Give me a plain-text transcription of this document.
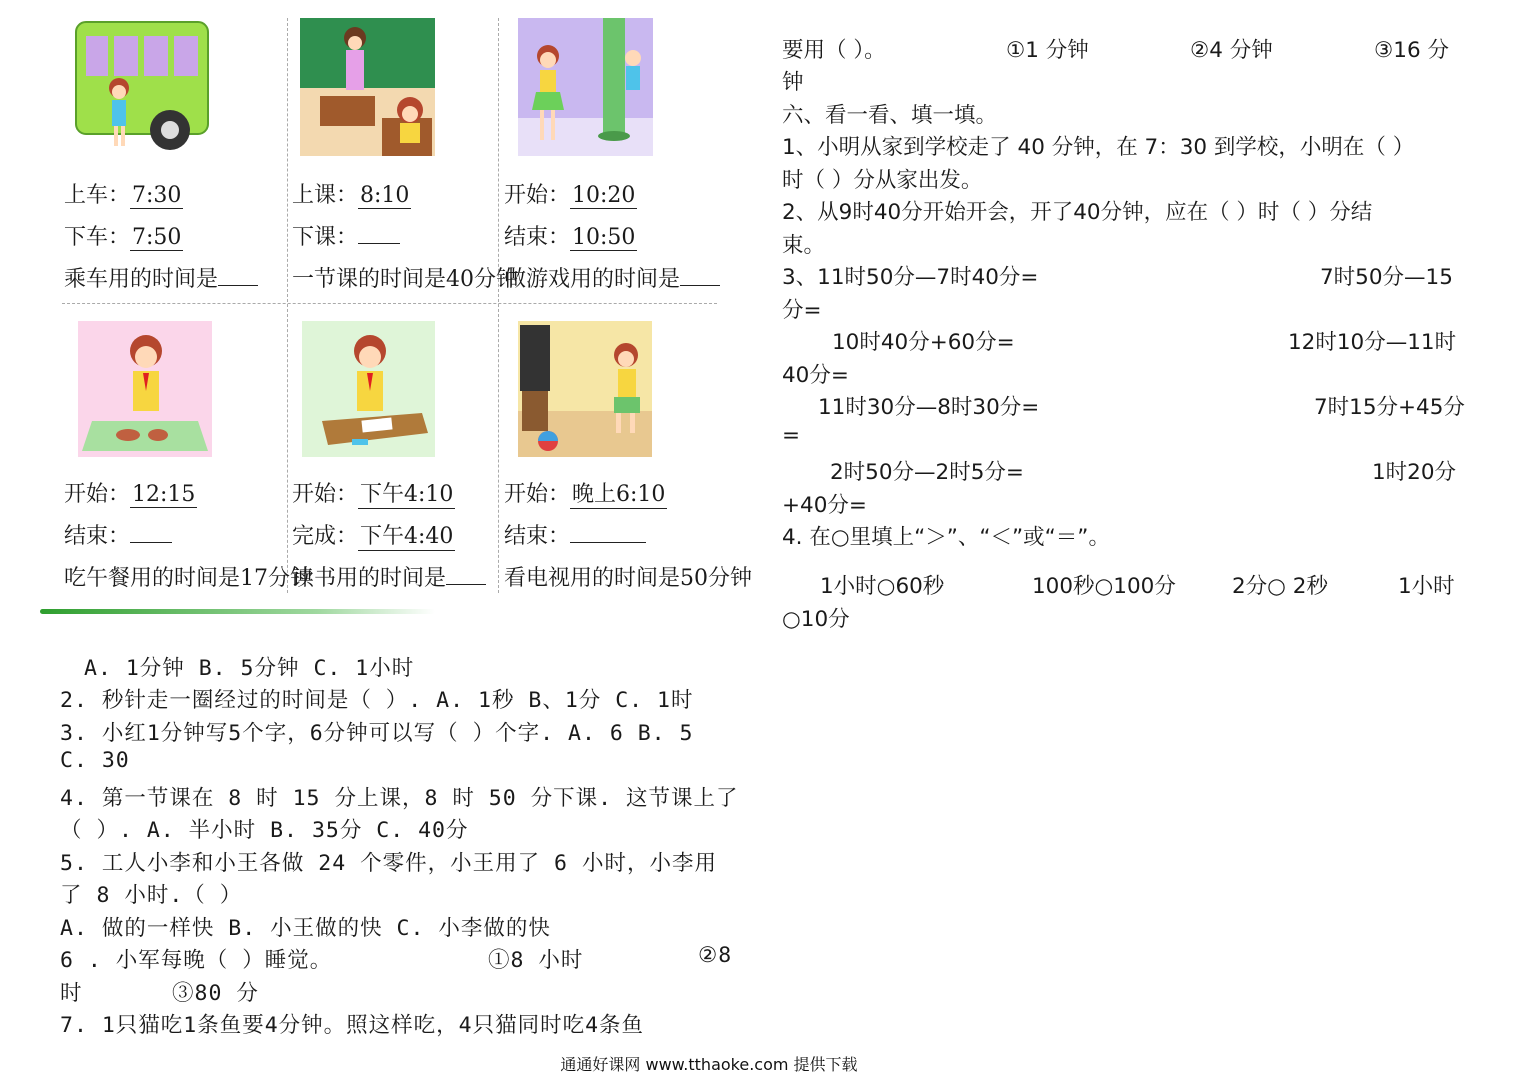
上车：7:30
下车：7:50
乘车用的时间是
上课：8:10
下课：
一节课的时间是40分钟
开始：10:20
结束：10:50
做游戏用的时间是
开始：12:15
结束：
吃午餐用的时间是17分钟
开始：下午4:10
完成：下午4:40
读书用的时间是
开始：晚上6:10
结束：
看电视用的时间是50分钟
A. 1分钟 B. 5分钟 C. 1小时
2. 秒针走一圈经过的时间是（ ）. A. 1秒 B、1分 C. 1时
3. 小红1分钟写5个字，6分钟可以写（ ）个字. A. 6 B. 5
C. 30
4. 第一节课在 8 时 15 分上课，8 时 50 分下课. 这节课上了
（ ）. A. 半小时 B. 35分 C. 40分
5. 工人小李和小王各做 24 个零件，小王用了 6 小时，小李用
了 8 小时.（ ）
A. 做的一样快 B. 小王做的快 C. 小李做的快
6 . 小军每晚（ ）睡觉。	①8 小时	②8
时	③80 分
7. 1只猫吃1条鱼要4分钟。照这样吃，4只猫同时吃4条鱼
要用（ ）。	①1 分钟	②4 分钟	③16 分
钟
六、看一看、填一填。
1、小明从家到学校走了 40 分钟，在 7：30 到学校，小明在（ ）
时（ ）分从家出发。
2、从9时40分开始开会，开了40分钟，应在（ ）时（ ）分结
束。
3、11时50分—7时40分=	7时50分—15
分=
10时40分+60分=	12时10分—11时
40分=
11时30分—8时30分=	7时15分+45分
=
2时50分—2时5分=	1时20分
+40分=
4. 在○里填上“＞”、“＜”或“＝”。
1小时○60秒	100秒○100分	2分○ 2秒	1小时
○10分
通通好课网 www.tthaoke.com 提供下载
